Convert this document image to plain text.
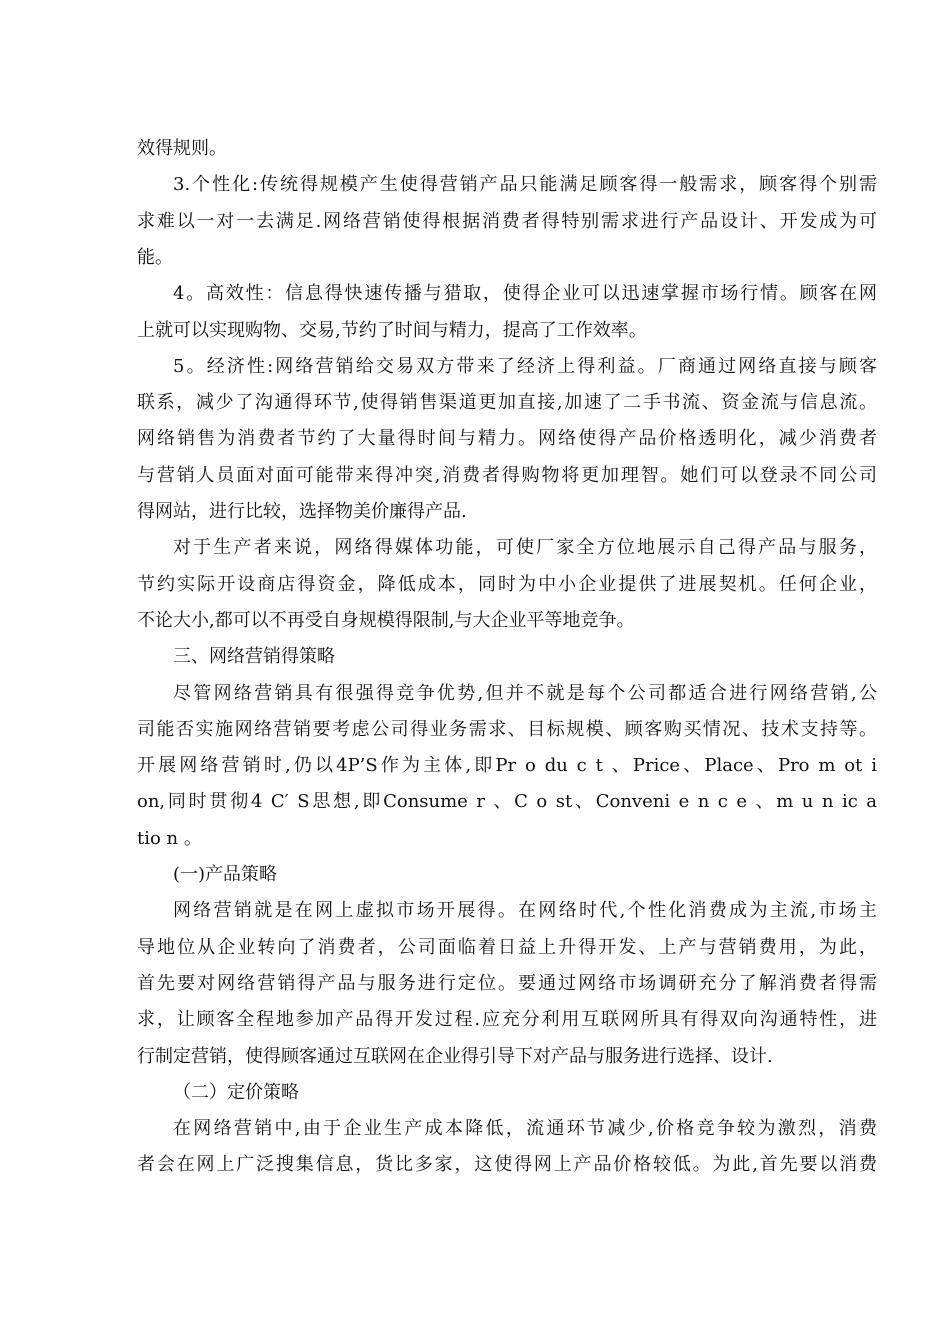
效得规则。
3.个性化:传统得规模产生使得营销产品只能满足顾客得一般需求，顾客得个别需
求难以一对一去满足.网络营销使得根据消费者得特别需求进行产品设计、开发成为可
能。
4。高效性：信息得快速传播与猎取，使得企业可以迅速掌握市场行情。顾客在网
上就可以实现购物、交易,节约了时间与精力，提高了工作效率。
5。经济性:网络营销给交易双方带来了经济上得利益。厂商通过网络直接与顾客
联系，减少了沟通得环节,使得销售渠道更加直接,加速了二手书流、资金流与信息流。
网络销售为消费者节约了大量得时间与精力。网络使得产品价格透明化，减少消费者
与营销人员面对面可能带来得冲突,消费者得购物将更加理智。她们可以登录不同公司
得网站，进行比较，选择物美价廉得产品.
对于生产者来说，网络得媒体功能，可使厂家全方位地展示自己得产品与服务，
节约实际开设商店得资金，降低成本，同时为中小企业提供了进展契机。任何企业，
不论大小,都可以不再受自身规模得限制,与大企业平等地竞争。
三、网络营销得策略
尽管网络营销具有很强得竞争优势,但并不就是每个公司都适合进行网络营销,公
司能否实施网络营销要考虑公司得业务需求、目标规模、顾客购买情况、技术支持等。
开展网络营销时,仍以4P’S作为主体,即Pr o du c t 、Price、Place、Pro m ot i
on,同时贯彻4 C′ S思想,即Consume r 、C o st、Conveni e n c e 、m u n ic a
tio n 。
(一)产品策略
网络营销就是在网上虚拟市场开展得。在网络时代,个性化消费成为主流,市场主
导地位从企业转向了消费者，公司面临着日益上升得开发、上产与营销费用，为此，
首先要对网络营销得产品与服务进行定位。要通过网络市场调研充分了解消费者得需
求，让顾客全程地参加产品得开发过程.应充分利用互联网所具有得双向沟通特性，进
行制定营销，使得顾客通过互联网在企业得引导下对产品与服务进行选择、设计.
（二）定价策略
在网络营销中,由于企业生产成本降低，流通环节减少,价格竞争较为激烈，消费
者会在网上广泛搜集信息，货比多家，这使得网上产品价格较低。为此,首先要以消费
